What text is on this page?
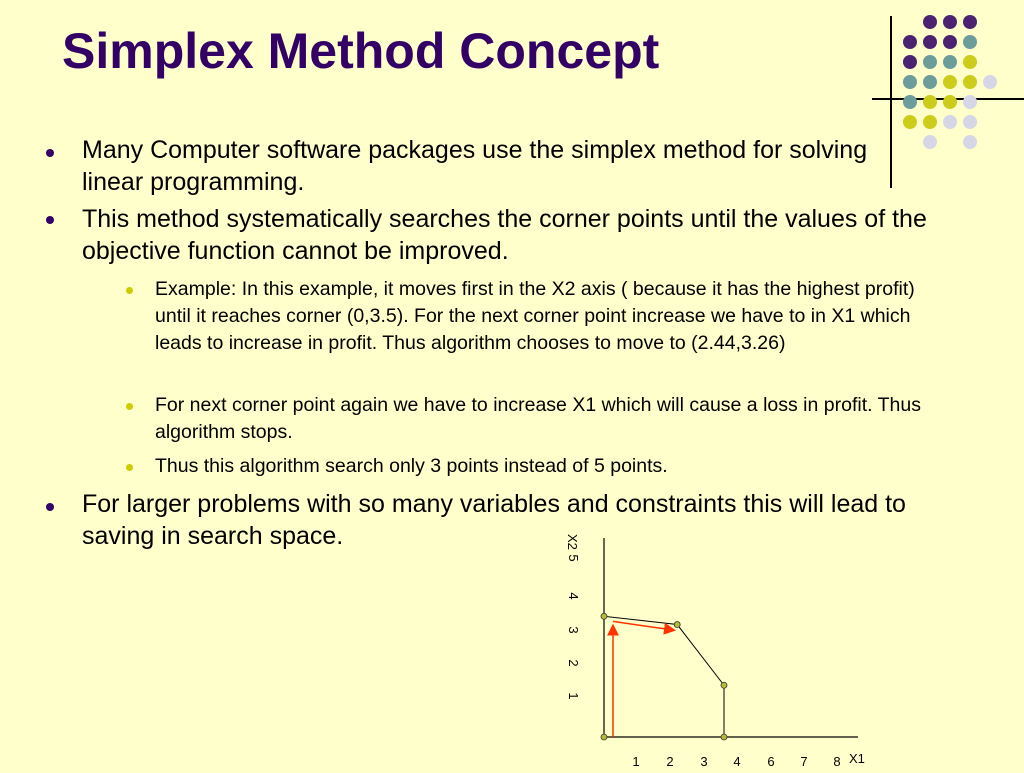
Simplex Method Concept
Many Computer software packages use the simplex method for solving linear programming.
This method systematically searches the corner points until the values of the objective function cannot be improved.
Example: In this example, it moves first in the X2 axis ( because it has the highest profit) until it reaches corner (0,3.5). For the next corner point increase we have to in X1 which leads to increase in profit. Thus algorithm chooses to move to (2.44,3.26)
For next corner point again we have to increase X1 which will cause a loss in profit. Thus algorithm stops.
Thus this algorithm search only 3 points instead of 5 points.
For larger problems with so many variables and constraints this will lead to saving in search space.	X2
X1
5
4
3
2
1
1 2 3 4 6 7 8
